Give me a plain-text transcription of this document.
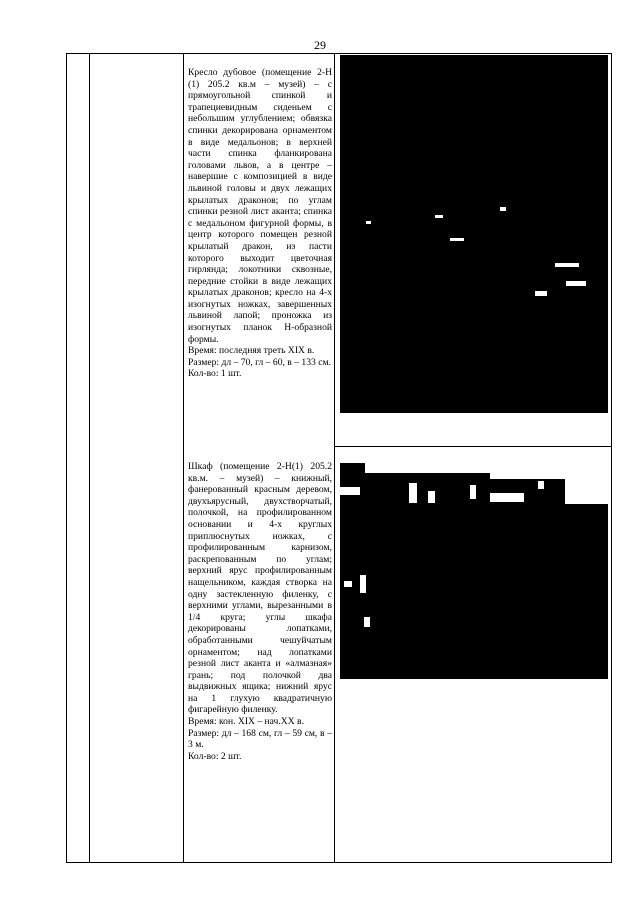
29

Кресло дубовое (помещение 2-Н (1) 205.2 кв.м – музей) – с прямоугольной спинкой и трапециевидным сиденьем с небольшим углублением; обвязка спинки декорирована орнаментом в виде медальонов; в верхней части спинка фланкирована головами львов, а в центре – навершие с композицией в виде львиной головы и двух лежащих крылатых драконов; по углам спинки резной лист аканта; спинка с медальоном фигурной формы, в центр которого помещен резной крылатый дракон, из пасти которого выходит цветочная гирлянда; локотники сквозные, передние стойки в виде лежащих крылатых драконов; кресло на 4-х изогнутых ножках, завершенных львиной лапой; проножка из изогнутых планок Н-образной формы.

Время: последняя треть XIX в.

Размер: дл – 70, гл – 60, в – 133 см.

Кол-во: 1 шт.

Шкаф (помещение 2-Н(1) 205.2 кв.м. – музей) – книжный, фанерованный красным деревом, двухъярусный, двухстворчатый, полочкой, на профилированном основании и 4-х круглых приплюснутых ножках, с профилированным карнизом, раскрепованным по углам; верхний ярус профилированным нащельником, каждая створка на одну застекленную филенку, с верхними углами, вырезанными в 1/4 круга; углы шкафа декорированы лопатками, обработанными чешуйчатым орнаментом; над лопатками резной лист аканта и «алмазная» грань; под полочкой два выдвижных ящика; нижний ярус на 1 глухую квадратичную фигарейную филенку.

Время: кон. XIX – нач.XX в.

Размер: дл – 168 см, гл – 59 см, в – 3 м.

Кол-во: 2 шт.
